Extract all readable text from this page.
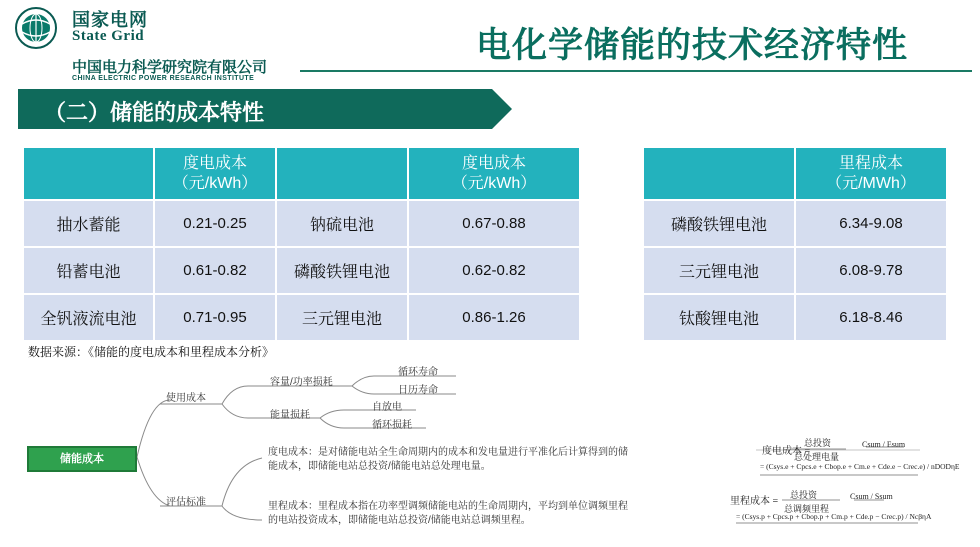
国家电网
State Grid
中国电力科学研究院有限公司
CHINA ELECTRIC POWER RESEARCH INSTITUTE
电化学储能的技术经济特性
（二）储能的成本特性
	度电成本
（元/kWh）		度电成本
（元/kWh）
抽水蓄能	0.21-0.25	钠硫电池	0.67-0.88
铅蓄电池	0.61-0.82	磷酸铁锂电池	0.62-0.82
全钒液流电池	0.71-0.95	三元锂电池	0.86-1.26
	里程成本
（元/MWh）
磷酸铁锂电池	6.34-9.08
三元锂电池	6.08-9.78
钛酸锂电池	6.18-8.46
数据来源：《储能的度电成本和里程成本分析》
储能成本
使用成本
评估标准
容量/功率损耗
循环寿命
日历寿命
能量损耗
自放电
循环损耗
度电成本：是对储能电站全生命周期内的成本和发电量进行平准化后计算得到的储
能成本，即储能电站总投资/储能电站总处理电量。
里程成本：里程成本指在功率型调频储能电站的生命周期内，平均到单位调频里程
的电站投资成本，即储能电站总投资/储能电站总调频里程。
度电成本 =
总投资
总处理电量
Csum / Esum
= (Csys.e + Cpcs.e + Cbop.e + Cm.e + Cde.e − Crec.e) / nDODηE
里程成本 =
总投资
总调频里程
Csum / Ssum
= (Csys.p + Cpcs.p + Cbop.p + Cm.p + Cde.p − Crec.p) / NcβηA
